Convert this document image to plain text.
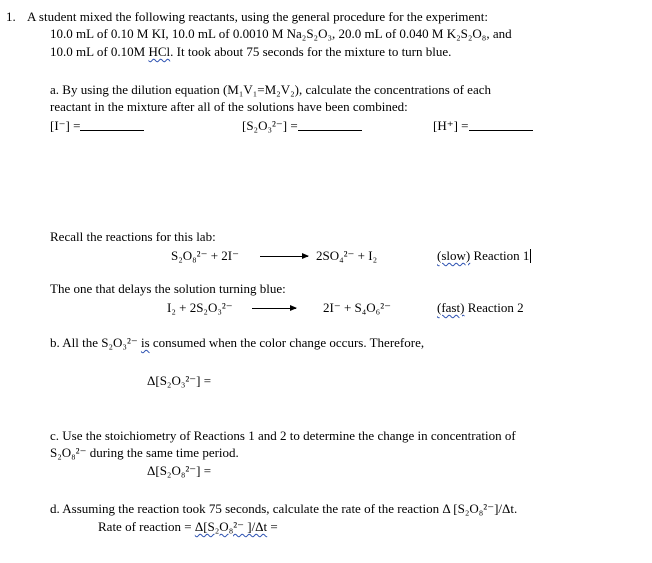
1. A student mixed the following reactants, using the general procedure for the experiment:
10.0 mL of 0.10 M KI, 10.0 mL of 0.0010 M Na₂S₂O₃, 20.0 mL of 0.040 M K₂S₂O₈, and
10.0 mL of 0.10M HCl. It took about 75 seconds for the mixture to turn blue.
a. By using the dilution equation (M₁V₁=M₂V₂), calculate the concentrations of each
reactant in the mixture after all of the solutions have been combined:
[I⁻] =	[S₂O₃²⁻] =	[H⁺] =
Recall the reactions for this lab:
S₂O₈²⁻ + 2I⁻ → 2SO₄²⁻ + I₂	(slow) Reaction 1
The one that delays the solution turning blue:
I₂ + 2S₂O₃²⁻ → 2I⁻ + S₄O₆²⁻	(fast) Reaction 2
b. All the S₂O₃²⁻ is consumed when the color change occurs. Therefore,
Δ[S₂O₃²⁻] =
c. Use the stoichiometry of Reactions 1 and 2 to determine the change in concentration of
S₂O₈²⁻ during the same time period.
Δ[S₂O₈²⁻] =
d. Assuming the reaction took 75 seconds, calculate the rate of the reaction Δ [S₂O₈²⁻]/Δt.
Rate of reaction = Δ[S₂O₈²⁻ ]/Δt =
